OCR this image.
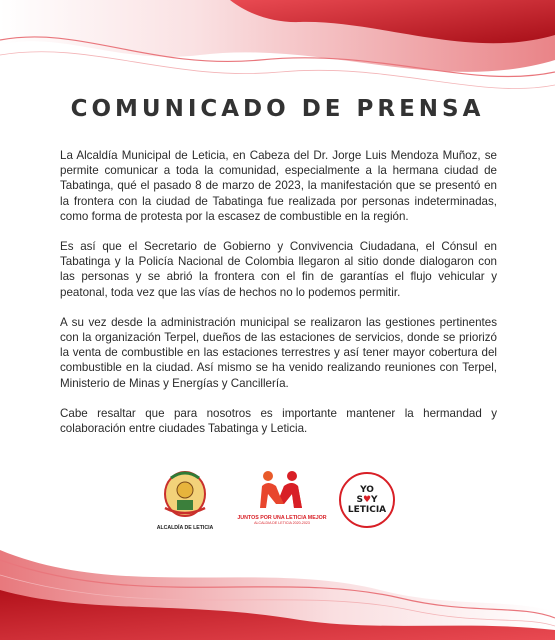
COMUNICADO DE PRENSA

La Alcaldía Municipal de Leticia, en Cabeza del Dr. Jorge Luis Mendoza Muñoz, se permite comunicar a toda la comunidad, especialmente a la hermana ciudad de Tabatinga, qué el pasado 8 de marzo de 2023, la manifestación que se presentó en la frontera con la ciudad de Tabatinga fue realizada por personas indeterminadas, como forma de protesta por la escasez de combustible en la región.

Es así que el Secretario de Gobierno y Convivencia Ciudadana, el Cónsul en Tabatinga y la Policía Nacional de Colombia llegaron al sitio donde dialogaron con las personas y se abrió la frontera con el fin de garantías el flujo vehicular y peatonal, toda vez que las vías de hechos no lo podemos permitir.

A su vez desde la administración municipal se realizaron las gestiones pertinentes con la organización Terpel, dueños de las estaciones de servicios, donde se priorizó la venta de combustible en las estaciones terrestres y así tener mayor cobertura del combustible en la ciudad. Así mismo se ha venido realizando reuniones con Terpel, Ministerio de Minas y Energías y Cancillería.

Cabe resaltar que para nosotros es importante mantener la hermandad y colaboración entre ciudades Tabatinga y Leticia.

ALCALDÍA DE LETICIA
JUNTOS POR UNA LETICIA MEJOR
ALCALDIA DE LETICIA 2020-2023
YO
S♥Y
LETICIA
